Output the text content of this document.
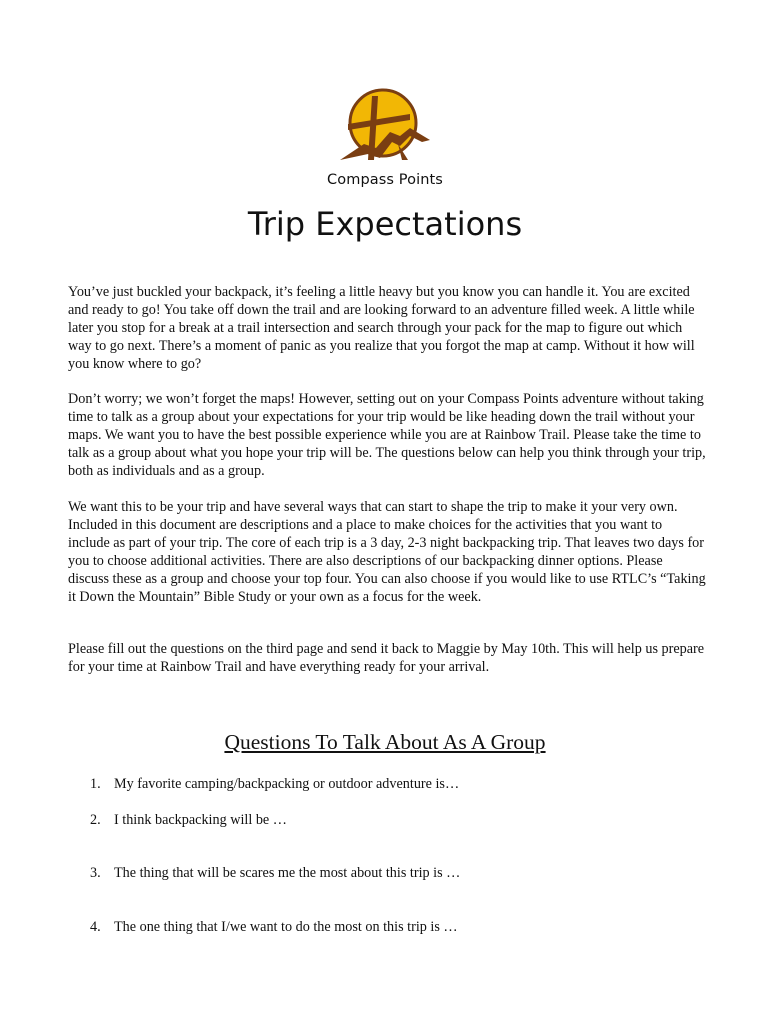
Compass Points
Trip Expectations

You’ve just buckled your backpack, it’s feeling a little heavy but you know you can handle it. You are excited and ready to go! You take off down the trail and are looking forward to an adventure filled week. A little while later you stop for a break at a trail intersection and search through your pack for the map to figure out which way to go next. There’s a moment of panic as you realize that you forgot the map at camp. Without it how will you know where to go?

Don’t worry; we won’t forget the maps! However, setting out on your Compass Points adventure without taking time to talk as a group about your expectations for your trip would be like heading down the trail without your maps. We want you to have the best possible experience while you are at Rainbow Trail. Please take the time to talk as a group about what you hope your trip will be. The questions below can help you think through your trip, both as individuals and as a group.

We want this to be your trip and have several ways that can start to shape the trip to make it your very own. Included in this document are descriptions and a place to make choices for the activities that you want to include as part of your trip. The core of each trip is a 3 day, 2-3 night backpacking trip. That leaves two days for you to choose additional activities. There are also descriptions of our backpacking dinner options. Please discuss these as a group and choose your top four. You can also choose if you would like to use RTLC’s “Taking it Down the Mountain” Bible Study or your own as a focus for the week.

Please fill out the questions on the third page and send it back to Maggie by May 10th. This will help us prepare for your time at Rainbow Trail and have everything ready for your arrival.

Questions To Talk About As A Group
1. My favorite camping/backpacking or outdoor adventure is…
2. I think backpacking will be …
3. The thing that will be scares me the most about this trip is …
4. The one thing that I/we want to do the most on this trip is …
